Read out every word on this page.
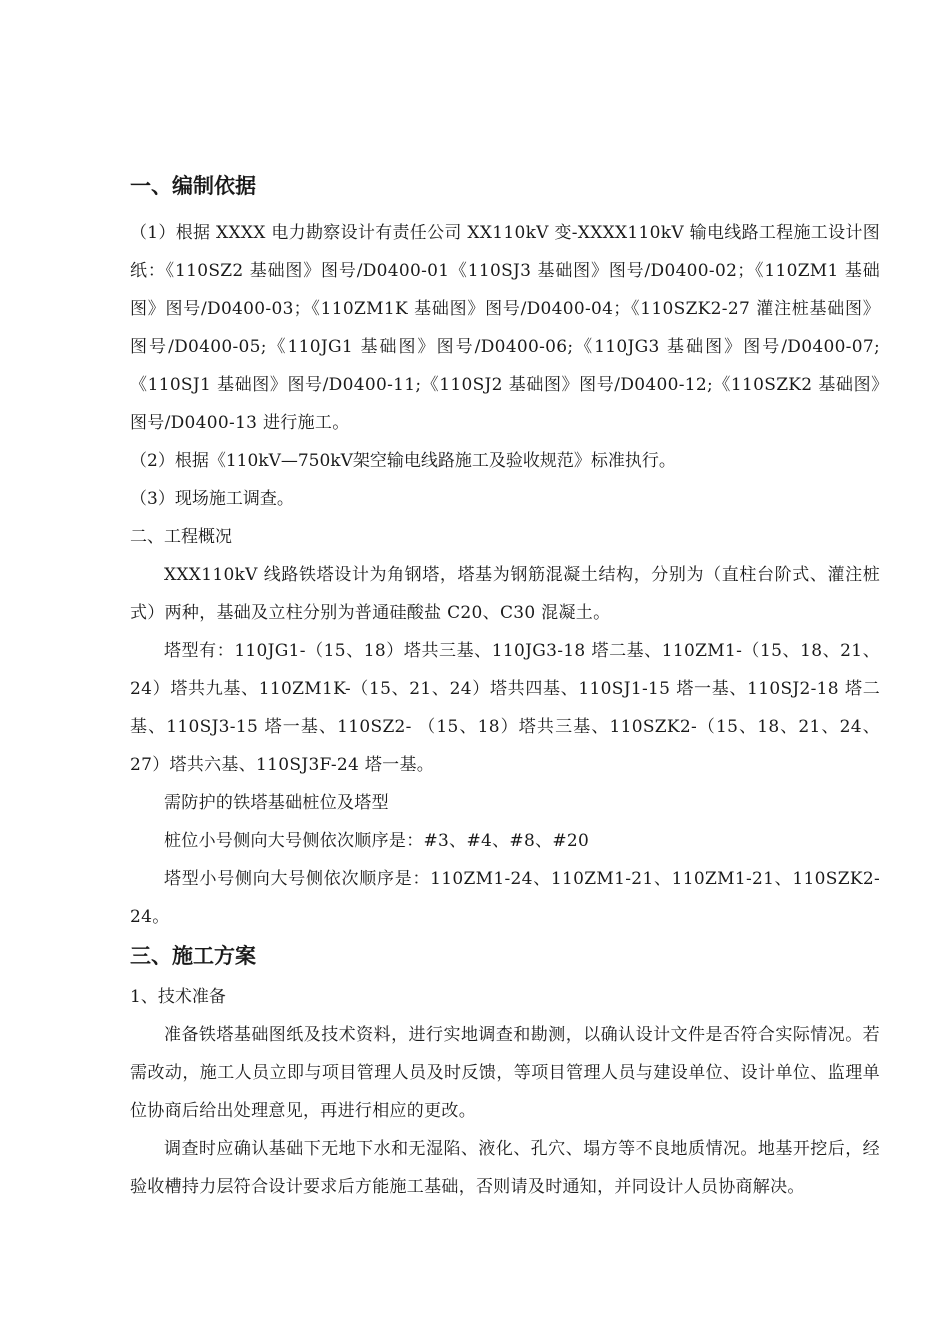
一、编制依据

（1）根据 XXXX 电力勘察设计有责任公司 XX110kV 变-XXXX110kV 输电线路工程施工设计图纸：《110SZ2 基础图》图号/D0400-01《110SJ3 基础图》图号/D0400-02；《110ZM1 基础图》图号/D0400-03；《110ZM1K 基础图》图号/D0400-04；《110SZK2-27 灌注桩基础图》图号/D0400-05;《110JG1 基础图》图号/D0400-06;《110JG3 基础图》图号/D0400-07;《110SJ1 基础图》图号/D0400-11;《110SJ2 基础图》图号/D0400-12;《110SZK2 基础图》图号/D0400-13 进行施工。

（2）根据《110kV—750kV架空输电线路施工及验收规范》标准执行。

（3）现场施工调查。

二、工程概况

XXX110kV 线路铁塔设计为角钢塔，塔基为钢筋混凝土结构，分别为（直柱台阶式、灌注桩式）两种，基础及立柱分别为普通硅酸盐 C20、C30 混凝土。

塔型有：110JG1-（15、18）塔共三基、110JG3-18 塔二基、110ZM1-（15、18、21、24）塔共九基、110ZM1K-（15、21、24）塔共四基、110SJ1-15 塔一基、110SJ2-18 塔二基、110SJ3-15 塔一基、110SZ2- （15、18）塔共三基、110SZK2-（15、18、21、24、27）塔共六基、110SJ3F-24 塔一基。

需防护的铁塔基础桩位及塔型

桩位小号侧向大号侧依次顺序是：#3、#4、#8、#20

塔型小号侧向大号侧依次顺序是：110ZM1-24、110ZM1-21、110ZM1-21、110SZK2-24。

三、施工方案

1、技术准备

准备铁塔基础图纸及技术资料，进行实地调查和勘测，以确认设计文件是否符合实际情况。若需改动，施工人员立即与项目管理人员及时反馈，等项目管理人员与建设单位、设计单位、监理单位协商后给出处理意见，再进行相应的更改。

调查时应确认基础下无地下水和无湿陷、液化、孔穴、塌方等不良地质情况。地基开挖后，经验收槽持力层符合设计要求后方能施工基础，否则请及时通知，并同设计人员协商解决。
